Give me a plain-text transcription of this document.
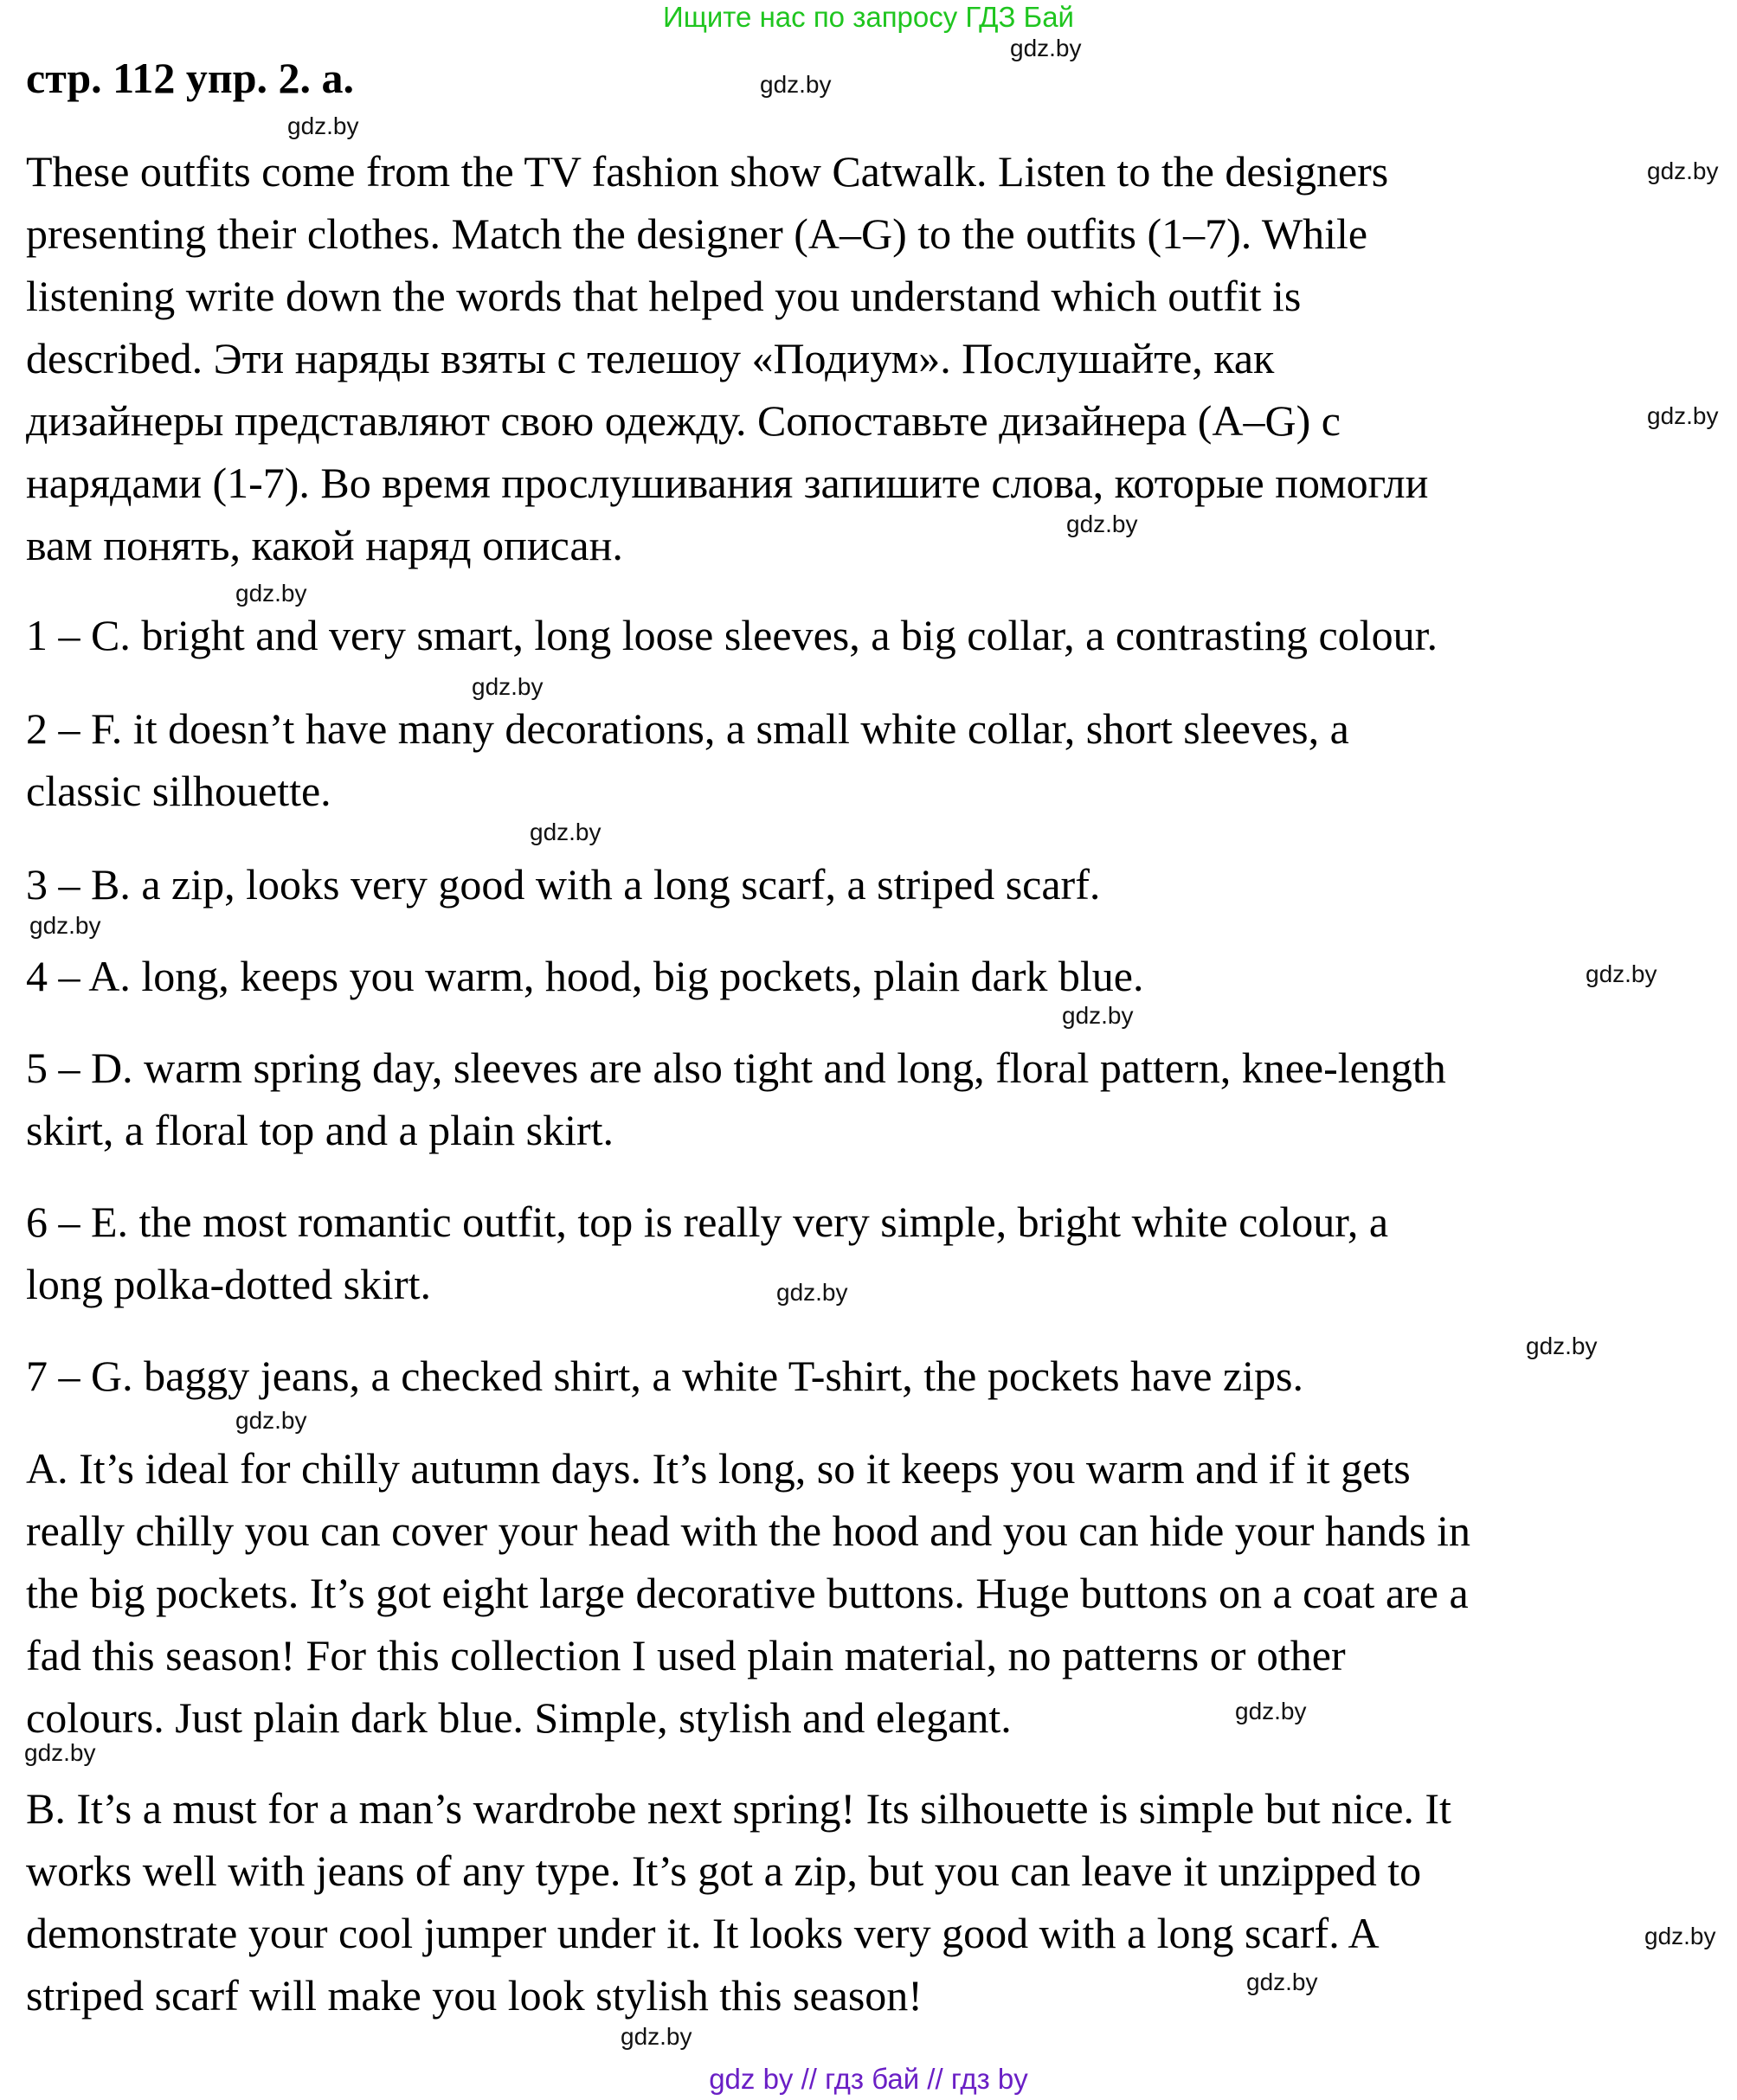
Ищите нас по запросу ГДЗ Бай
стр. 112 упр. 2. а.
These outfits come from the TV fashion show Catwalk. Listen to the designers
presenting their clothes. Match the designer (A–G) to the outfits (1–7). While
listening write down the words that helped you understand which outfit is
described. Эти наряды взяты с телешоу «Подиум». Послушайте, как
дизайнеры представляют свою одежду. Сопоставьте дизайнера (A–G) с
нарядами (1-7). Во время прослушивания запишите слова, которые помогли
вам понять, какой наряд описан.
1 – C. bright and very smart, long loose sleeves, a big collar, a contrasting colour.
2 – F. it doesn’t have many decorations, a small white collar, short sleeves, a
classic silhouette.
3 – B. a zip, looks very good with a long scarf, a striped scarf.
4 – A. long, keeps you warm, hood, big pockets, plain dark blue.
5 – D. warm spring day, sleeves are also tight and long, floral pattern, knee-length
skirt, a floral top and a plain skirt.
6 – E. the most romantic outfit, top is really very simple, bright white colour, a
long polka-dotted skirt.
7 – G. baggy jeans, a checked shirt, a white T-shirt, the pockets have zips.
A. It’s ideal for chilly autumn days. It’s long, so it keeps you warm and if it gets
really chilly you can cover your head with the hood and you can hide your hands in
the big pockets. It’s got eight large decorative buttons. Huge buttons on a coat are a
fad this season! For this collection I used plain material, no patterns or other
colours. Just plain dark blue. Simple, stylish and elegant.
B. It’s a must for a man’s wardrobe next spring! Its silhouette is simple but nice. It
works well with jeans of any type. It’s got a zip, but you can leave it unzipped to
demonstrate your cool jumper under it. It looks very good with a long scarf. A
striped scarf will make you look stylish this season!
gdz.by
gdz.by
gdz.by
gdz.by
gdz.by
gdz.by
gdz.by
gdz.by
gdz.by
gdz.by
gdz.by
gdz.by
gdz.by
gdz.by
gdz.by
gdz.by
gdz.by
gdz.by
gdz.by
gdz.by
gdz by // гдз бай // гдз by
